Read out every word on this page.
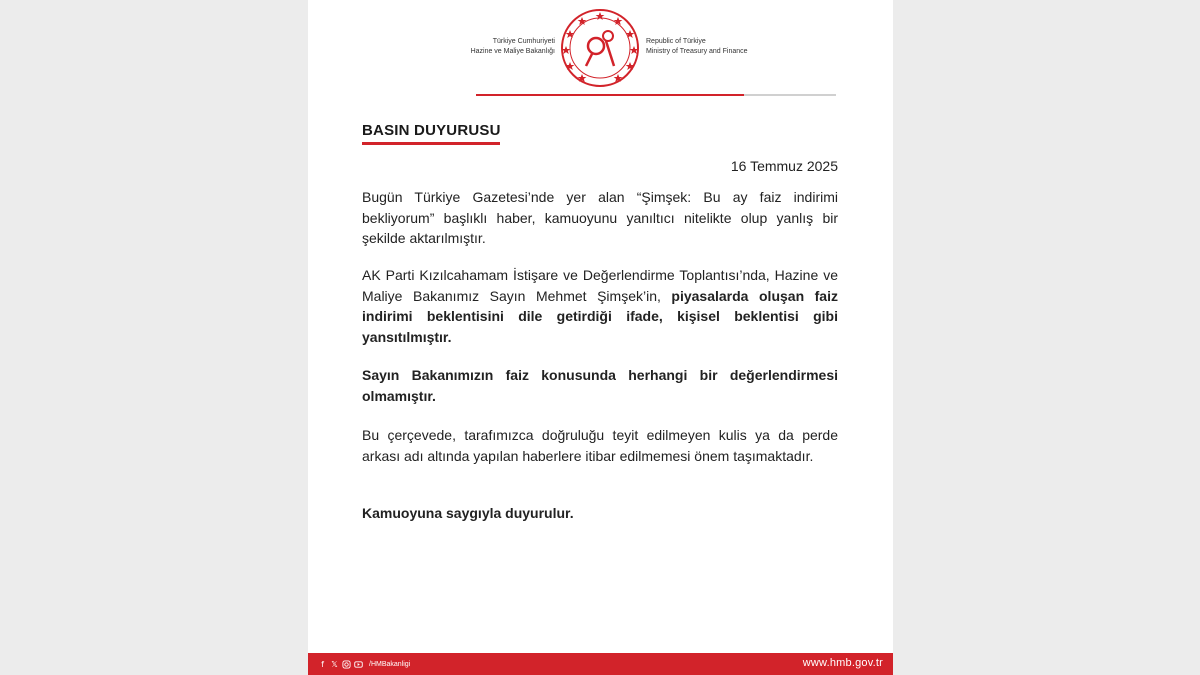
Türkiye Cumhuriyeti
Hazine ve Maliye Bakanlığı
Republic of Türkiye
Ministry of Treasury and Finance
BASIN DUYURUSU
16 Temmuz 2025
Bugün Türkiye Gazetesi’nde yer alan “Şimşek: Bu ay faiz indirimi bekliyorum” başlıklı haber, kamuoyunu yanıltıcı nitelikte olup yanlış bir şekilde aktarılmıştır.
AK Parti Kızılcahamam İstişare ve Değerlendirme Toplantısı’nda, Hazine ve Maliye Bakanımız Sayın Mehmet Şimşek’in, piyasalarda oluşan faiz indirimi beklentisini dile getirdiği ifade, kişisel beklentisi gibi yansıtılmıştır.
Sayın Bakanımızın faiz konusunda herhangi bir değerlendirmesi olmamıştır.
Bu çerçevede, tarafımızca doğruluğu teyit edilmeyen kulis ya da perde arkası adı altında yapılan haberlere itibar edilmemesi önem taşımaktadır.
Kamuoyuna saygıyla duyurulur.
f 𝕏	/HMBakanligi	www.hmb.gov.tr
